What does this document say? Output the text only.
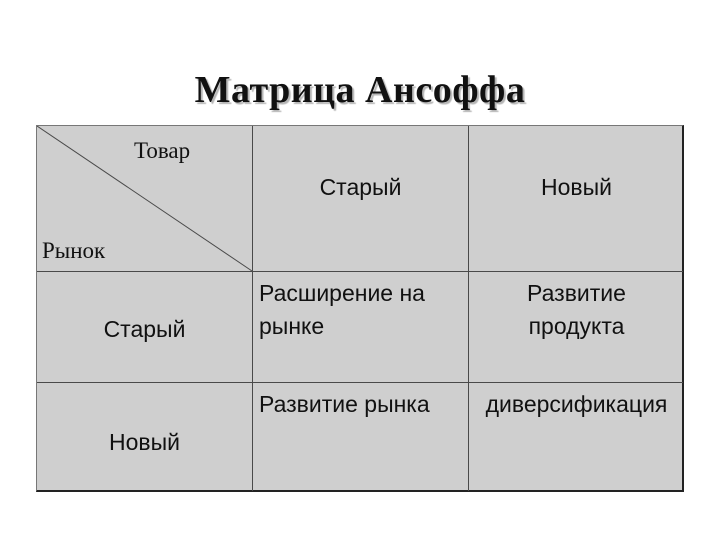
Матрица Ансоффа
Товар
Рынок
Старый	Новый
Старый
Новый
Расширение на
рынке
Развитие
продукта
Развитие рынка	диверсификация
